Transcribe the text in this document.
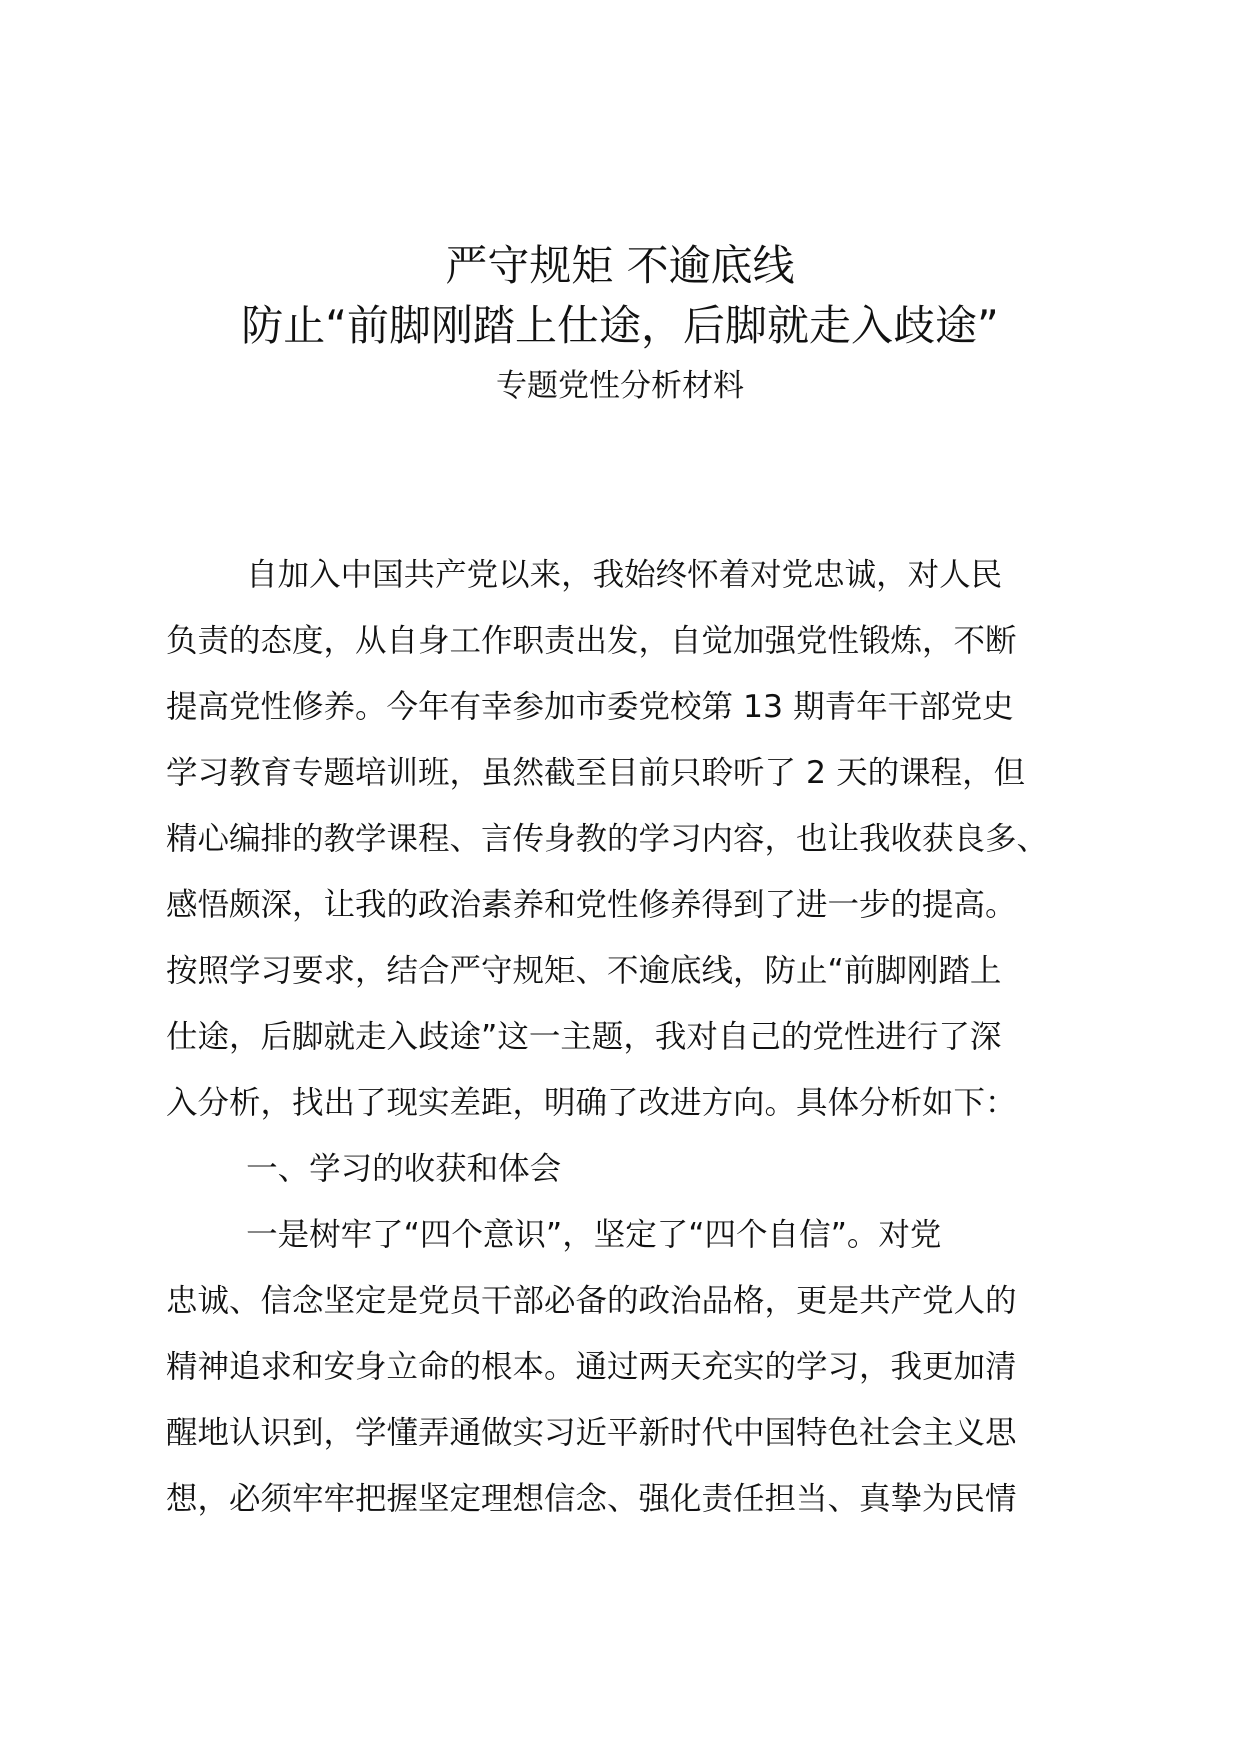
严守规矩 不逾底线
防止“前脚刚踏上仕途，后脚就走入歧途”
专题党性分析材料
自加入中国共产党以来，我始终怀着对党忠诚，对人民
负责的态度，从自身工作职责出发，自觉加强党性锻炼，不断
提高党性修养。今年有幸参加市委党校第 13 期青年干部党史
学习教育专题培训班，虽然截至目前只聆听了 2 天的课程，但
精心编排的教学课程、言传身教的学习内容，也让我收获良多、
感悟颇深，让我的政治素养和党性修养得到了进一步的提高。
按照学习要求，结合严守规矩、不逾底线，防止“前脚刚踏上
仕途，后脚就走入歧途”这一主题，我对自己的党性进行了深
入分析，找出了现实差距，明确了改进方向。具体分析如下：
一、学习的收获和体会
一是树牢了“四个意识”，坚定了“四个自信”。对党
忠诚、信念坚定是党员干部必备的政治品格，更是共产党人的
精神追求和安身立命的根本。通过两天充实的学习，我更加清
醒地认识到，学懂弄通做实习近平新时代中国特色社会主义思
想，必须牢牢把握坚定理想信念、强化责任担当、真挚为民情
